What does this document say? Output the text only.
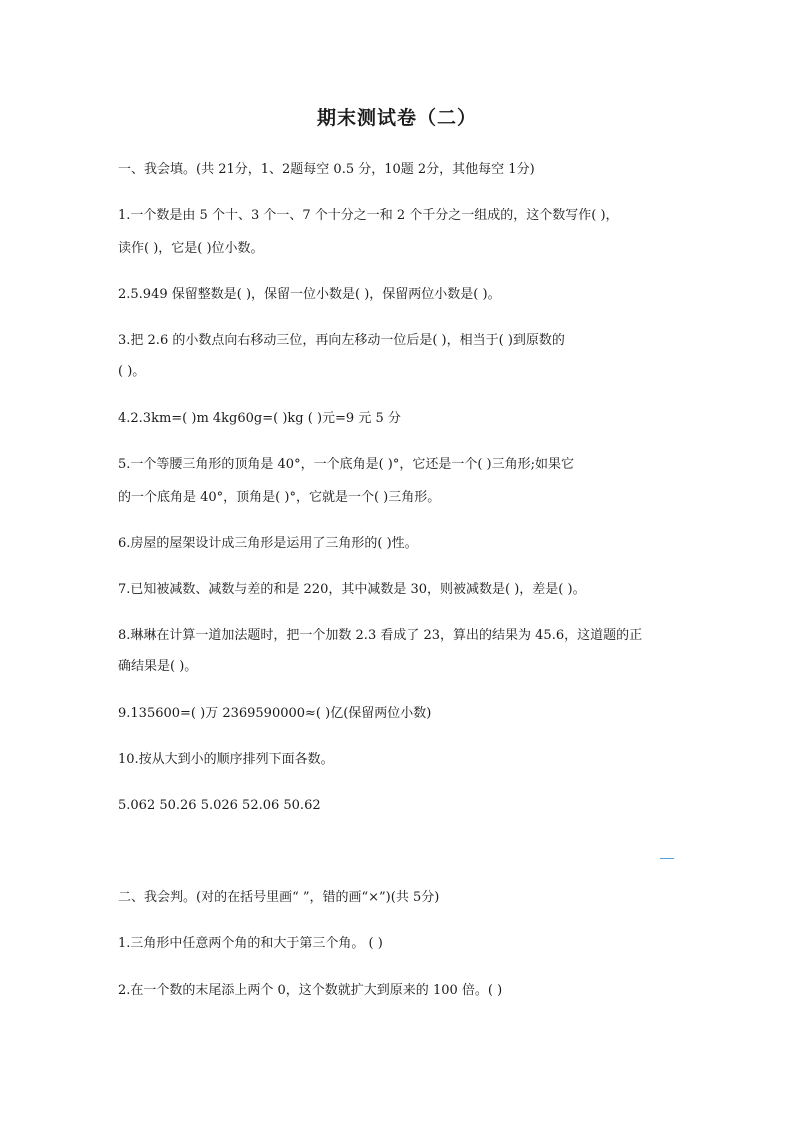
期末测试卷（二）
一、我会填。(共 21分，1、2题每空 0.5 分，10题 2分，其他每空 1分)
1.一个数是由 5 个十、3 个一、7 个十分之一和 2 个千分之一组成的，这个数写作( )，
读作( )，它是( )位小数。
2.5.949 保留整数是( )，保留一位小数是( )，保留两位小数是( )。
3.把 2.6 的小数点向右移动三位，再向左移动一位后是( )，相当于( )到原数的
( )。
4.2.3km=( )m 4kg60g=( )kg ( )元=9 元 5 分
5.一个等腰三角形的顶角是 40°，一个底角是( )°，它还是一个( )三角形;如果它
的一个底角是 40°，顶角是( )°，它就是一个( )三角形。
6.房屋的屋架设计成三角形是运用了三角形的( )性。
7.已知被减数、减数与差的和是 220，其中减数是 30，则被减数是( )，差是( )。
8.琳琳在计算一道加法题时，把一个加数 2.3 看成了 23，算出的结果为 45.6，这道题的正
确结果是( )。
9.135600=( )万 2369590000≈( )亿(保留两位小数)
10.按从大到小的顺序排列下面各数。
5.062 50.26 5.026 52.06 50.62
二、我会判。(对的在括号里画“ ”，错的画“×”)(共 5分)
1.三角形中任意两个角的和大于第三个角。 ( )
2.在一个数的末尾添上两个 0，这个数就扩大到原来的 100 倍。( )
